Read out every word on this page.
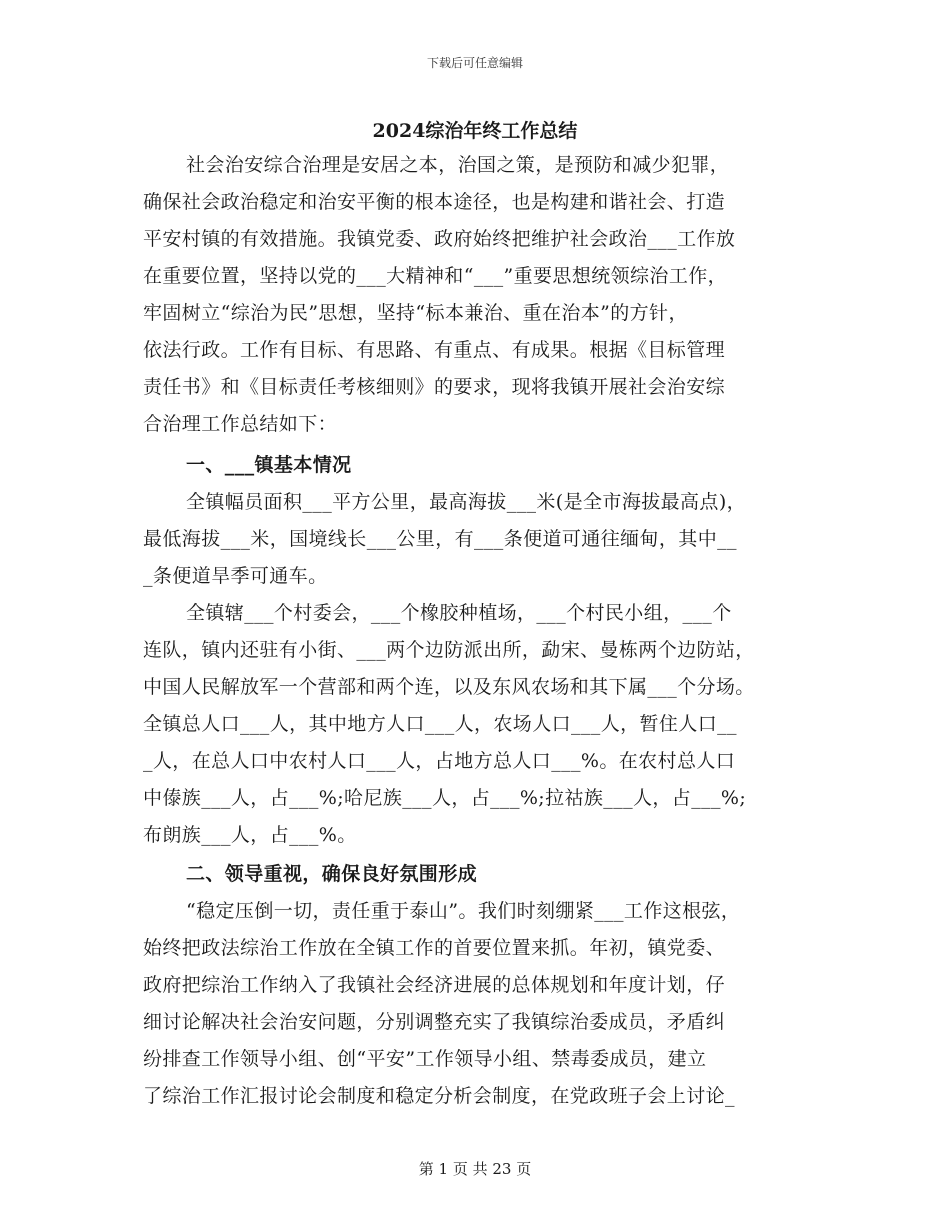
下载后可任意编辑
2024综治年终工作总结
社会治安综合治理是安居之本，治国之策，是预防和减少犯罪，
确保社会政治稳定和治安平衡的根本途径，也是构建和谐社会、打造
平安村镇的有效措施。我镇党委、政府始终把维护社会政治___工作放
在重要位置，坚持以党的___大精神和“___”重要思想统领综治工作，
牢固树立“综治为民”思想，坚持“标本兼治、重在治本”的方针，
依法行政。工作有目标、有思路、有重点、有成果。根据《目标管理
责任书》和《目标责任考核细则》的要求，现将我镇开展社会治安综
合治理工作总结如下：
一、___镇基本情况
全镇幅员面积___平方公里，最高海拔___米(是全市海拔最高点)，
最低海拔___米，国境线长___公里，有___条便道可通往缅甸，其中__
_条便道旱季可通车。
全镇辖___个村委会，___个橡胶种植场，___个村民小组，___个
连队，镇内还驻有小街、___两个边防派出所，勐宋、曼栋两个边防站，
中国人民解放军一个营部和两个连，以及东风农场和其下属___个分场。
全镇总人口___人，其中地方人口___人，农场人口___人，暂住人口__
_人，在总人口中农村人口___人，占地方总人口___%。在农村总人口
中傣族___人，占___%;哈尼族___人，占___%;拉祜族___人，占___%;
布朗族___人，占___%。
二、领导重视，确保良好氛围形成
“稳定压倒一切，责任重于泰山”。我们时刻绷紧___工作这根弦，
始终把政法综治工作放在全镇工作的首要位置来抓。年初，镇党委、
政府把综治工作纳入了我镇社会经济进展的总体规划和年度计划，仔
细讨论解决社会治安问题，分别调整充实了我镇综治委成员，矛盾纠
纷排查工作领导小组、创“平安”工作领导小组、禁毒委成员，建立
了综治工作汇报讨论会制度和稳定分析会制度，在党政班子会上讨论_
第 1 页 共 23 页
